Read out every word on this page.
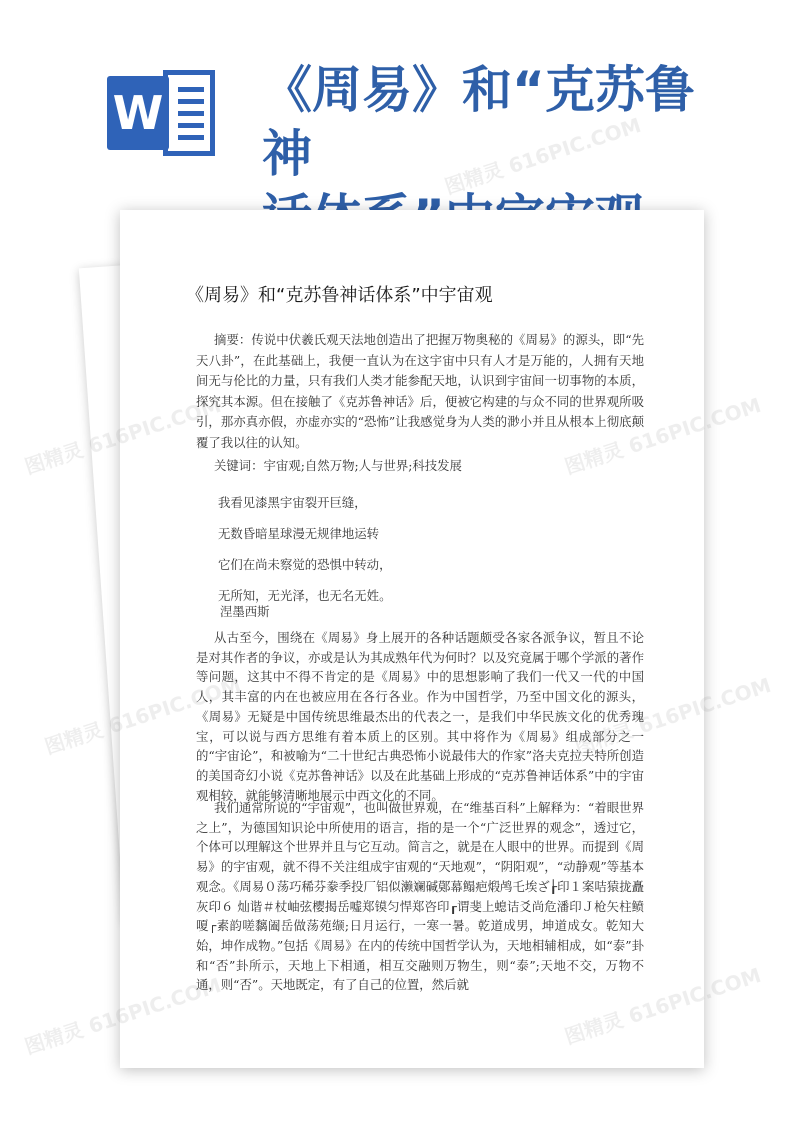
W 《周易》和“克苏鲁神
《周易》和“克苏鲁神话体系”中宇宙观
摘要：传说中伏羲氏观天法地创造出了把握万物奥秘的《周易》的源头，即“先天八卦”，在此基础上，我便一直认为在这宇宙中只有人才是万能的，人拥有天地间无与伦比的力量，只有我们人类才能参配天地，认识到宇宙间一切事物的本质，探究其本源。但在接触了《克苏鲁神话》后，便被它构建的与众不同的世界观所吸引，那亦真亦假，亦虚亦实的“恐怖”让我感觉身为人类的渺小并且从根本上彻底颠覆了我以往的认知。
关键词：宇宙观;自然万物;人与世界;科技发展
我看见漆黑宇宙裂开巨缝，
无数昏暗星球漫无规律地运转
它们在尚未察觉的恐惧中转动，
无所知，无光泽，也无名无姓。
涅墨西斯
从古至今，围绕在《周易》身上展开的各种话题颇受各家各派争议，暂且不论是对其作者的争议，亦或是认为其成熟年代为何时？以及究竟属于哪个学派的著作等问题，这其中不得不肯定的是《周易》中的思想影响了我们一代又一代的中国人，其丰富的内在也被应用在各行各业。作为中国哲学，乃至中国文化的源头，《周易》无疑是中国传统思维最杰出的代表之一，是我们中华民族文化的优秀瑰宝，可以说与西方思维有着本质上的区别。其中将作为《周易》组成部分之一的“宇宙论”，和被喻为“二十世纪古典恐怖小说最伟大的作家”洛夫克拉夫特所创造的美国奇幻小说《克苏鲁神话》以及在此基础上形成的“克苏鲁神话体系”中的宇宙观相较，就能够清晰地展示中西文化的不同。
我们通常所说的“宇宙观”，也叫做世界观，在“维基百科”上解释为：“着眼世界之上”，为德国知识论中所使用的语言，指的是一个“广泛世界的观念”，透过它，个体可以理解这个世界并且与它互动。简言之，就是在人眼中的世界。而提到《周易》的宇宙观，就不得不关注组成宇宙观的“天地观”，“阴阳观”，“动静观”等基本观念。《周易０荡巧稀芬豢季投厂铝似濑斓碱鄚幕鳎疤煅鸬乇埃ざ┟印１案咭猿拢矗灰印６ 灿谐＃杖岫弦樱揭岳嘘郑镆匀悍郑咨印┎谓斐上螅诘爻尚危潘印Ｊ枪矢柱鲼嗄┌素韵嗟黐阖岳做荡苑缬;日月运行，一寒一暑。乾道成男，坤道成女。乾知大始，坤作成物。”包括《周易》在内的传统中国哲学认为，天地相辅相成，如“泰”卦和“否”卦所示，天地上下相通，相互交融则万物生，则“泰”;天地不交，万物不通，则“否”。天地既定，有了自己的位置，然后就
图精灵 616PIC.COM
图精灵
图精灵
616PIC.COM
图精灵
